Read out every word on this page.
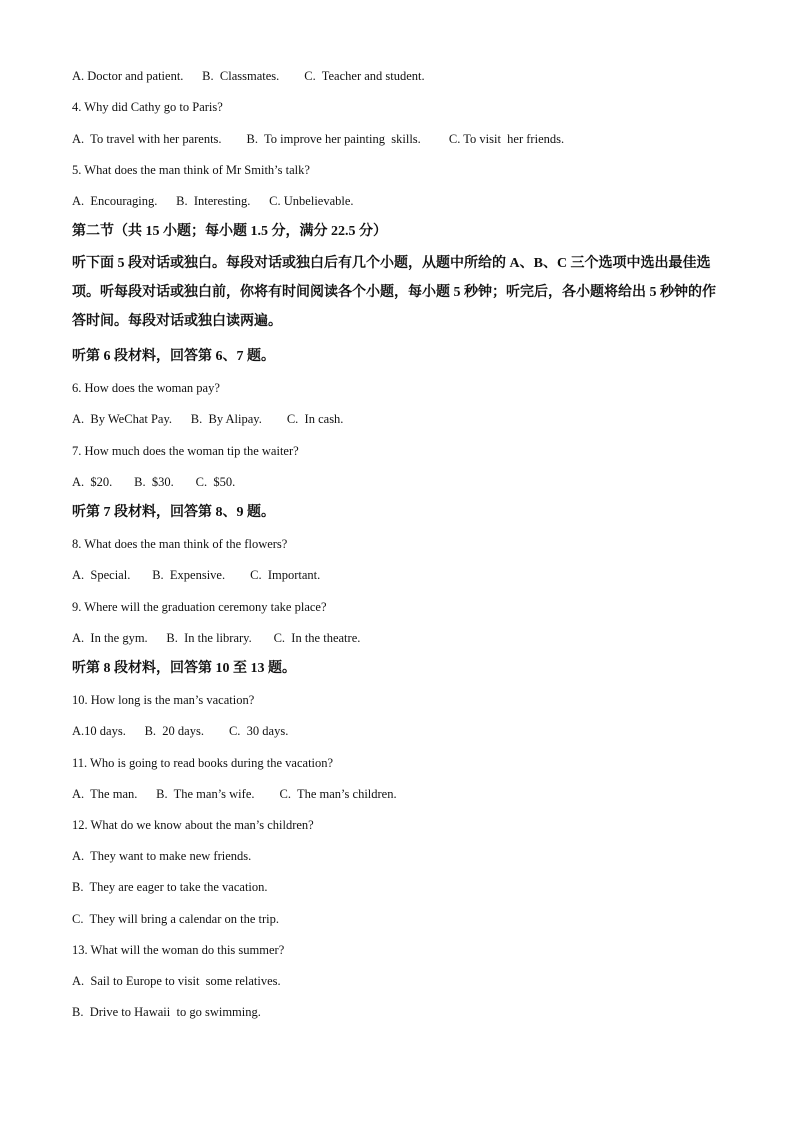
A. Doctor and patient.      B.  Classmates.        C.  Teacher and student.
4. Why did Cathy go to Paris?
A.  To travel with her parents.        B.  To improve her painting  skills.         C. To visit  her friends.
5. What does the man think of Mr Smith’s talk?
A.  Encouraging.      B.  Interesting.      C. Unbelievable.
第二节（共 15 小题；每小题 1.5 分，满分 22.5 分）
听下面 5 段对话或独白。每段对话或独白后有几个小题，从题中所给的 A、B、C 三个选项中选出最佳选项。听每段对话或独白前，你将有时间阅读各个小题，每小题 5 秒钟；听完后，各小题将给出 5 秒钟的作答时间。每段对话或独白读两遍。
听第 6 段材料，回答第 6、7 题。
6. How does the woman pay?
A.  By WeChat Pay.      B.  By Alipay.        C.  In cash.
7. How much does the woman tip the waiter?
A.  $20.       B.  $30.       C.  $50.
听第 7 段材料，回答第 8、9 题。
8. What does the man think of the flowers?
A.  Special.       B.  Expensive.        C.  Important.
9. Where will the graduation ceremony take place?
A.  In the gym.      B.  In the library.       C.  In the theatre.
听第 8 段材料，回答第 10 至 13 题。
10. How long is the man’s vacation?
A.10 days.      B.  20 days.        C.  30 days.
11. Who is going to read books during the vacation?
A.  The man.      B.  The man’s wife.        C.  The man’s children.
12. What do we know about the man’s children?
A.  They want to make new friends.
B.  They are eager to take the vacation.
C.  They will bring a calendar on the trip.
13. What will the woman do this summer?
A.  Sail to Europe to visit  some relatives.
B.  Drive to Hawaii  to go swimming.
